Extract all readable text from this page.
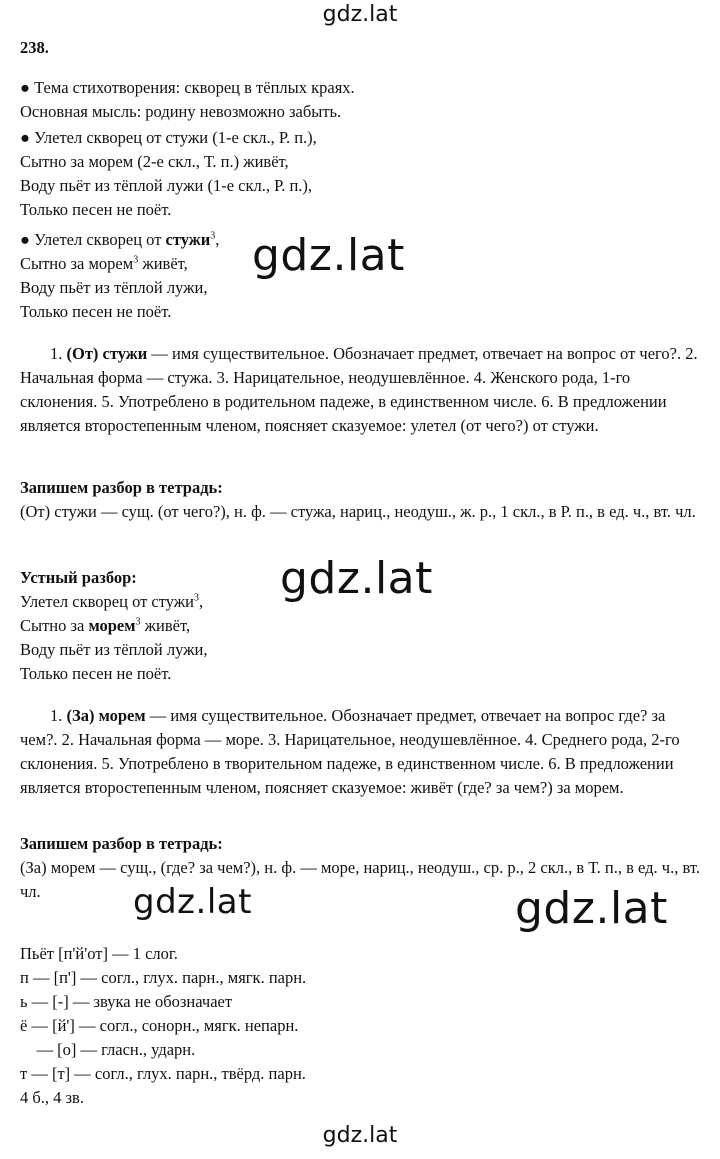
gdz.lat
238.
● Тема стихотворения: скворец в тёплых краях.
Основная мысль: родину невозможно забыть.
● Улетел скворец от стужи (1-е скл., Р. п.),
Сытно за морем (2-е скл., Т. п.) живёт,
Воду пьёт из тёплой лужи (1-е скл., Р. п.),
Только песен не поёт.
● Улетел скворец от стужи$^3$,
Сытно за морем$^3$ живёт,
Воду пьёт из тёплой лужи,
Только песен не поёт.
gdz.lat
1. (От) стужи — имя существительное. Обозначает предмет, отвечает на вопрос от чего?. 2. Начальная форма — стужа. 3. Нарицательное, неодушевлённое. 4. Женского рода, 1-го склонения. 5. Употреблено в родительном падеже, в единственном числе. 6. В предложении является второстепенным членом, поясняет сказуемое: улетел (от чего?) от стужи.
Запишем разбор в тетрадь:
(От) стужи — сущ. (от чего?), н. ф. — стужа, нариц., неодуш., ж. р., 1 скл., в Р. п., в ед. ч., вт. чл.
Устный разбор:
Улетел скворец от стужи$^3$,
Сытно за морем$^3$ живёт,
Воду пьёт из тёплой лужи,
Только песен не поёт.
gdz.lat
1. (За) морем — имя существительное. Обозначает предмет, отвечает на вопрос где? за чем?. 2. Начальная форма — море. 3. Нарицательное, неодушевлённое. 4. Среднего рода, 2-го склонения. 5. Употреблено в творительном падеже, в единственном числе. 6. В предложении является второстепенным членом, поясняет сказуемое: живёт (где? за чем?) за морем.
Запишем разбор в тетрадь:
(За) морем — сущ., (где? за чем?), н. ф. — море, нариц., неодуш., ср. р., 2 скл., в Т. п., в ед. ч., вт. чл.	gdz.lat	gdz.lat
Пьёт [п'й'от] — 1 слог.
п — [п'] — согл., глух. парн., мягк. парн.
ь — [-] — звука не обозначает
ё — [й'] — согл., сонорн., мягк. непарн.
— [о] — гласн., ударн.
т — [т] — согл., глух. парн., твёрд. парн.
4 б., 4 зв.
gdz.lat
